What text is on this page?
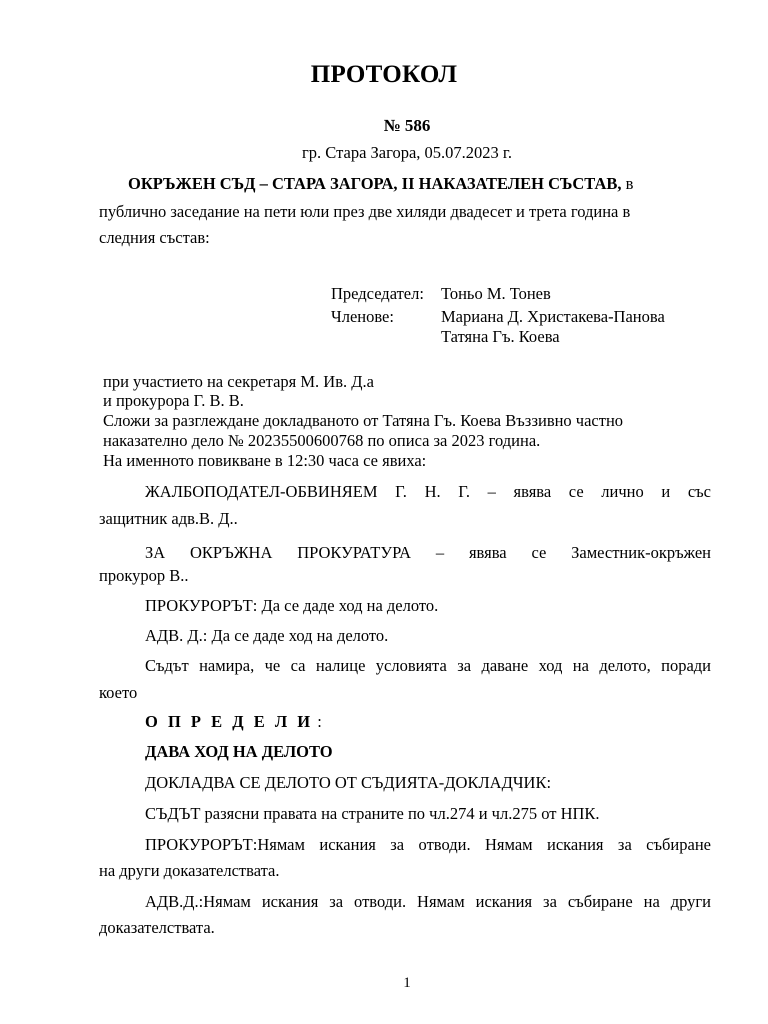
ПРОТОКОЛ
№ 586
гр. Стара Загора, 05.07.2023 г.
ОКРЪЖЕН СЪД – СТАРА ЗАГОРА, II НАКАЗАТЕЛЕН СЪСТАВ, в
публично заседание на пети юли през две хиляди двадесет и трета година в
следния състав:
Председател: Тоньо М. Тонев
Членове:	Мариана Д. Христакева-Панова
Татяна Гъ. Коева
при участието на секретаря М. Ив. Д.а
и прокурора Г. В. В.
Сложи за разглеждане докладваното от Татяна Гъ. Коева Въззивно частно
наказателно дело № 20235500600768 по описа за 2023 година.
На именното повикване в 12:30 часа се явиха:
ЖАЛБОПОДАТЕЛ-ОБВИНЯЕМ Г. Н. Г. – явява се лично и със
защитник адв.В. Д..
ЗА ОКРЪЖНА ПРОКУРАТУРА – явява се Заместник-окръжен
прокурор В..
ПРОКУРОРЪТ: Да се даде ход на делото.
АДВ. Д.: Да се даде ход на делото.
Съдът намира, че са налице условията за даване ход на делото, поради
което
О П Р Е Д Е Л И :
ДАВА ХОД НА ДЕЛОТО
ДОКЛАДВА СЕ ДЕЛОТО ОТ СЪДИЯТА-ДОКЛАДЧИК:
СЪДЪТ разясни правата на страните по чл.274 и чл.275 от НПК.
ПРОКУРОРЪТ:Нямам искания за отводи. Нямам искания за събиране
на други доказателствата.
АДВ.Д.:Нямам искания за отводи. Нямам искания за събиране на други
доказателствата.
1
